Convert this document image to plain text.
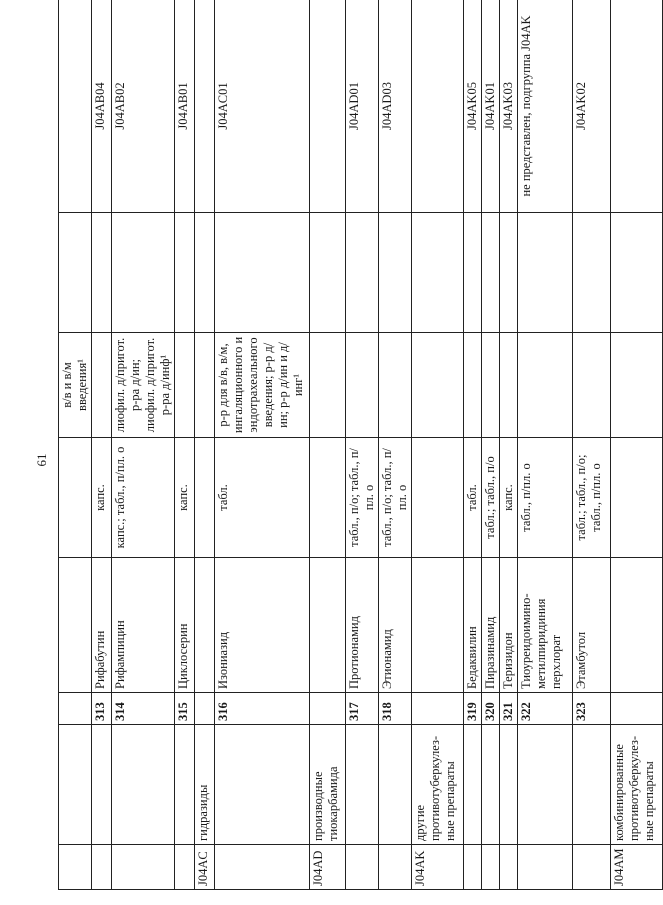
61
					в/в и в/м введения¹		
		313	Рифабутин	капс.			J04AB04
		314	Рифампицин	капс.; табл., п/пл. о	лиофил. д/пригот. р-ра д/ин; лиофил. д/пригот. р-ра д/инф¹		J04AB02
		315	Циклосерин	капс.			J04AB01
J04AC	гидразиды						
		316	Изониазид	табл.	р-р для в/в, в/м, ингаляционного и эндотрахеального введения; р-р д/ин; р-р д/ин и д/инг¹		J04AC01
J04AD	производные тиокарбамида						
		317	Протионамид	табл., п/о; табл., п/пл. о			J04AD01
		318	Этионамид	табл., п/о; табл., п/пл. о			J04AD03
J04AK	другие противотуберкулез-ные препараты						
		319	Бедаквилин	табл.			J04AK05
		320	Пиразинамид	табл.; табл., п/о			J04AK01
		321	Теризидон	капс.			J04AK03
		322	Тиоуреидоимино-метилпиридиния перхлорат	табл., п/пл. о			не представлен, подгруппа J04AK
		323	Этамбутол	табл.; табл., п/о; табл., п/пл. о			J04AK02
J04AM	комбинированные противотуберкулез-ные препараты						
